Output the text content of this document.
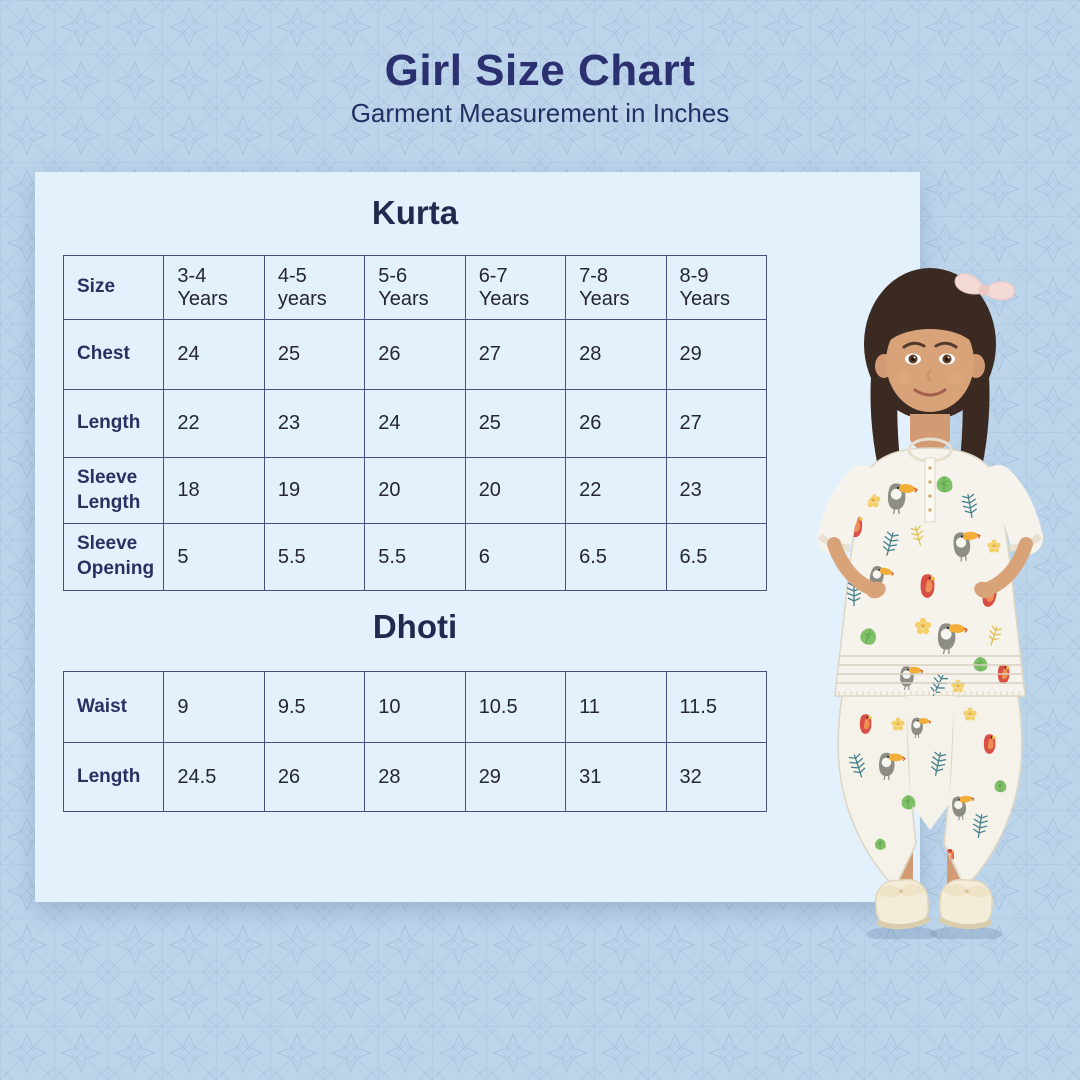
Girl Size Chart
Garment Measurement in Inches
Kurta
Size	3-4 Years	4-5 years	5-6 Years	6-7 Years	7-8 Years	8-9 Years
Chest	24	25	26	27	28	29
Length	22	23	24	25	26	27
Sleeve Length	18	19	20	20	22	23
Sleeve Opening	5	5.5	5.5	6	6.5	6.5
Dhoti
Waist	9	9.5	10	10.5	11	11.5
Length	24.5	26	28	29	31	32
